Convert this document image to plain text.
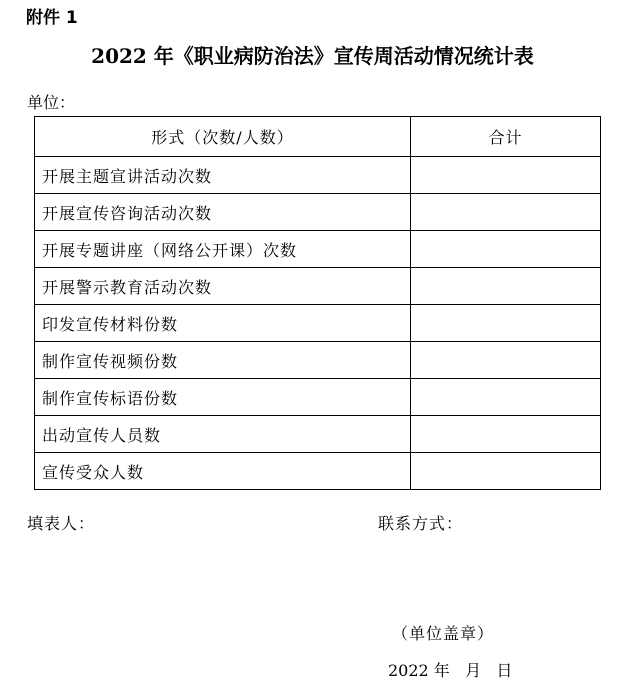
附件 1
2022 年《职业病防治法》宣传周活动情况统计表
单位：
形式（次数/人数）	合计
开展主题宣讲活动次数	
开展宣传咨询活动次数	
开展专题讲座（网络公开课）次数	
开展警示教育活动次数	
印发宣传材料份数	
制作宣传视频份数	
制作宣传标语份数	
出动宣传人员数	
宣传受众人数	
填表人：	联系方式：
（单位盖章）
2022 年   月   日
